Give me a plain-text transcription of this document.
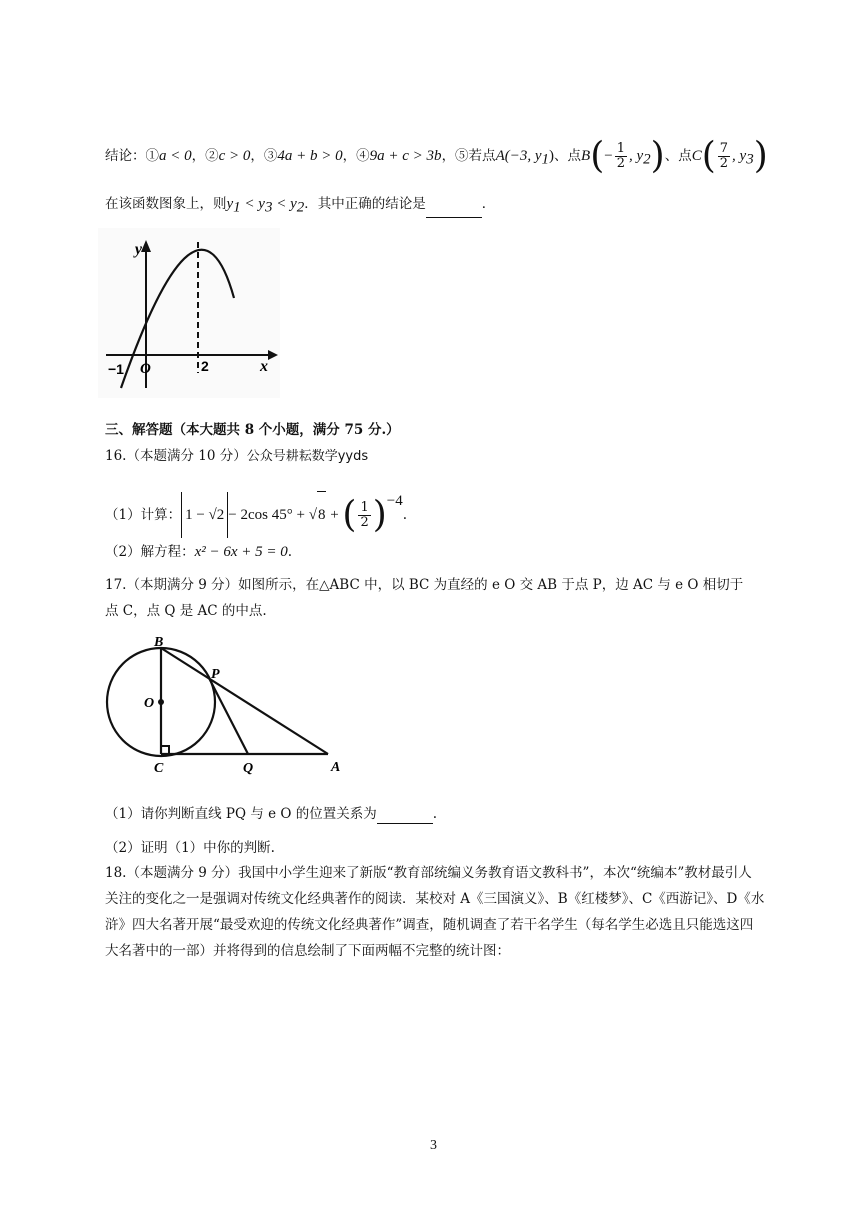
结论：①a < 0，②c > 0，③4a + b > 0，④9a + c > 3b，⑤若点A(−3, $y_1$)、点$B(- \frac{1}{2}$ , $y_2$)、点$C( \frac{7}{2}$ , $y_3$)
在该函数图象上，则$y_1 < y_3 < y_2$．其中正确的结论是	．
y
x
O
−1	2
三、解答题（本大题共 8 个小题，满分 75 分.）
16.（本题满分 10 分）公众号耕耘数学yyds
（1）计算： 1 − √2 − 2cos 45° + √8 + ( $\frac{1}{2} )^{-4}$.
（2）解方程：x² − 6x + 5 = 0.
17.（本期满分 9 分）如图所示，在△ABC 中，以 BC 为直经的 e O 交 AB 于点 P，边 AC 与 e O 相切于
点 C，点 Q 是 AC 的中点.
B
P
O
C	Q	A
（1）请你判断直线 PQ 与 e O 的位置关系为	.
（2）证明（1）中你的判断.
18.（本题满分 9 分）我国中小学生迎来了新版“教育部统编义务教育语文教科书”，本次“统编本”教材最引人关注的变化之一是强调对传统文化经典著作的阅读．某校对 A《三国演义》、B《红楼梦》、C《西游记》、D《水浒》四大名著开展“最受欢迎的传统文化经典著作”调查，随机调查了若干名学生（每名学生必选且只能选这四大名著中的一部）并将得到的信息绘制了下面两幅不完整的统计图：
3
